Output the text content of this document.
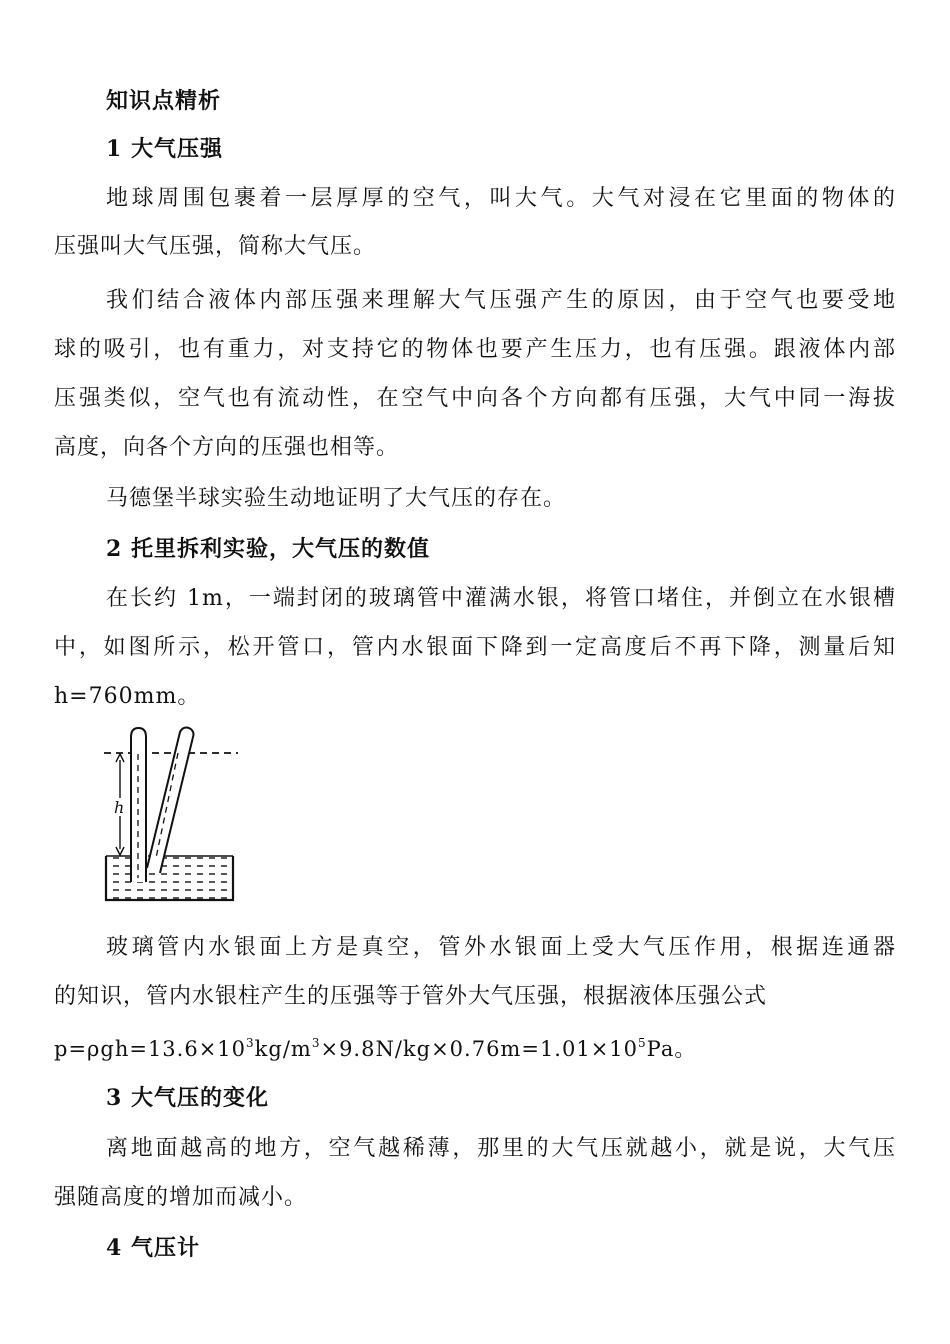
知识点精析
1 大气压强
地球周围包裹着一层厚厚的空气，叫大气。大气对浸在它里面的物体的
压强叫大气压强，简称大气压。
我们结合液体内部压强来理解大气压强产生的原因，由于空气也要受地
球的吸引，也有重力，对支持它的物体也要产生压力，也有压强。跟液体内部
压强类似，空气也有流动性，在空气中向各个方向都有压强，大气中同一海拔
高度，向各个方向的压强也相等。
马德堡半球实验生动地证明了大气压的存在。
2 托里拆利实验，大气压的数值
在长约 1m，一端封闭的玻璃管中灌满水银，将管口堵住，并倒立在水银槽
中，如图所示，松开管口，管内水银面下降到一定高度后不再下降，测量后知
h=760mm。
h
玻璃管内水银面上方是真空，管外水银面上受大气压作用，根据连通器
的知识，管内水银柱产生的压强等于管外大气压强，根据液体压强公式
$p=\rho gh=13.6\times 10^3kg/m^3\times 9.8N/kg\times 0.76m=1.01\times 10^5Pa$。
3 大气压的变化
离地面越高的地方，空气越稀薄，那里的大气压就越小，就是说，大气压
强随高度的增加而减小。
4 气压计
